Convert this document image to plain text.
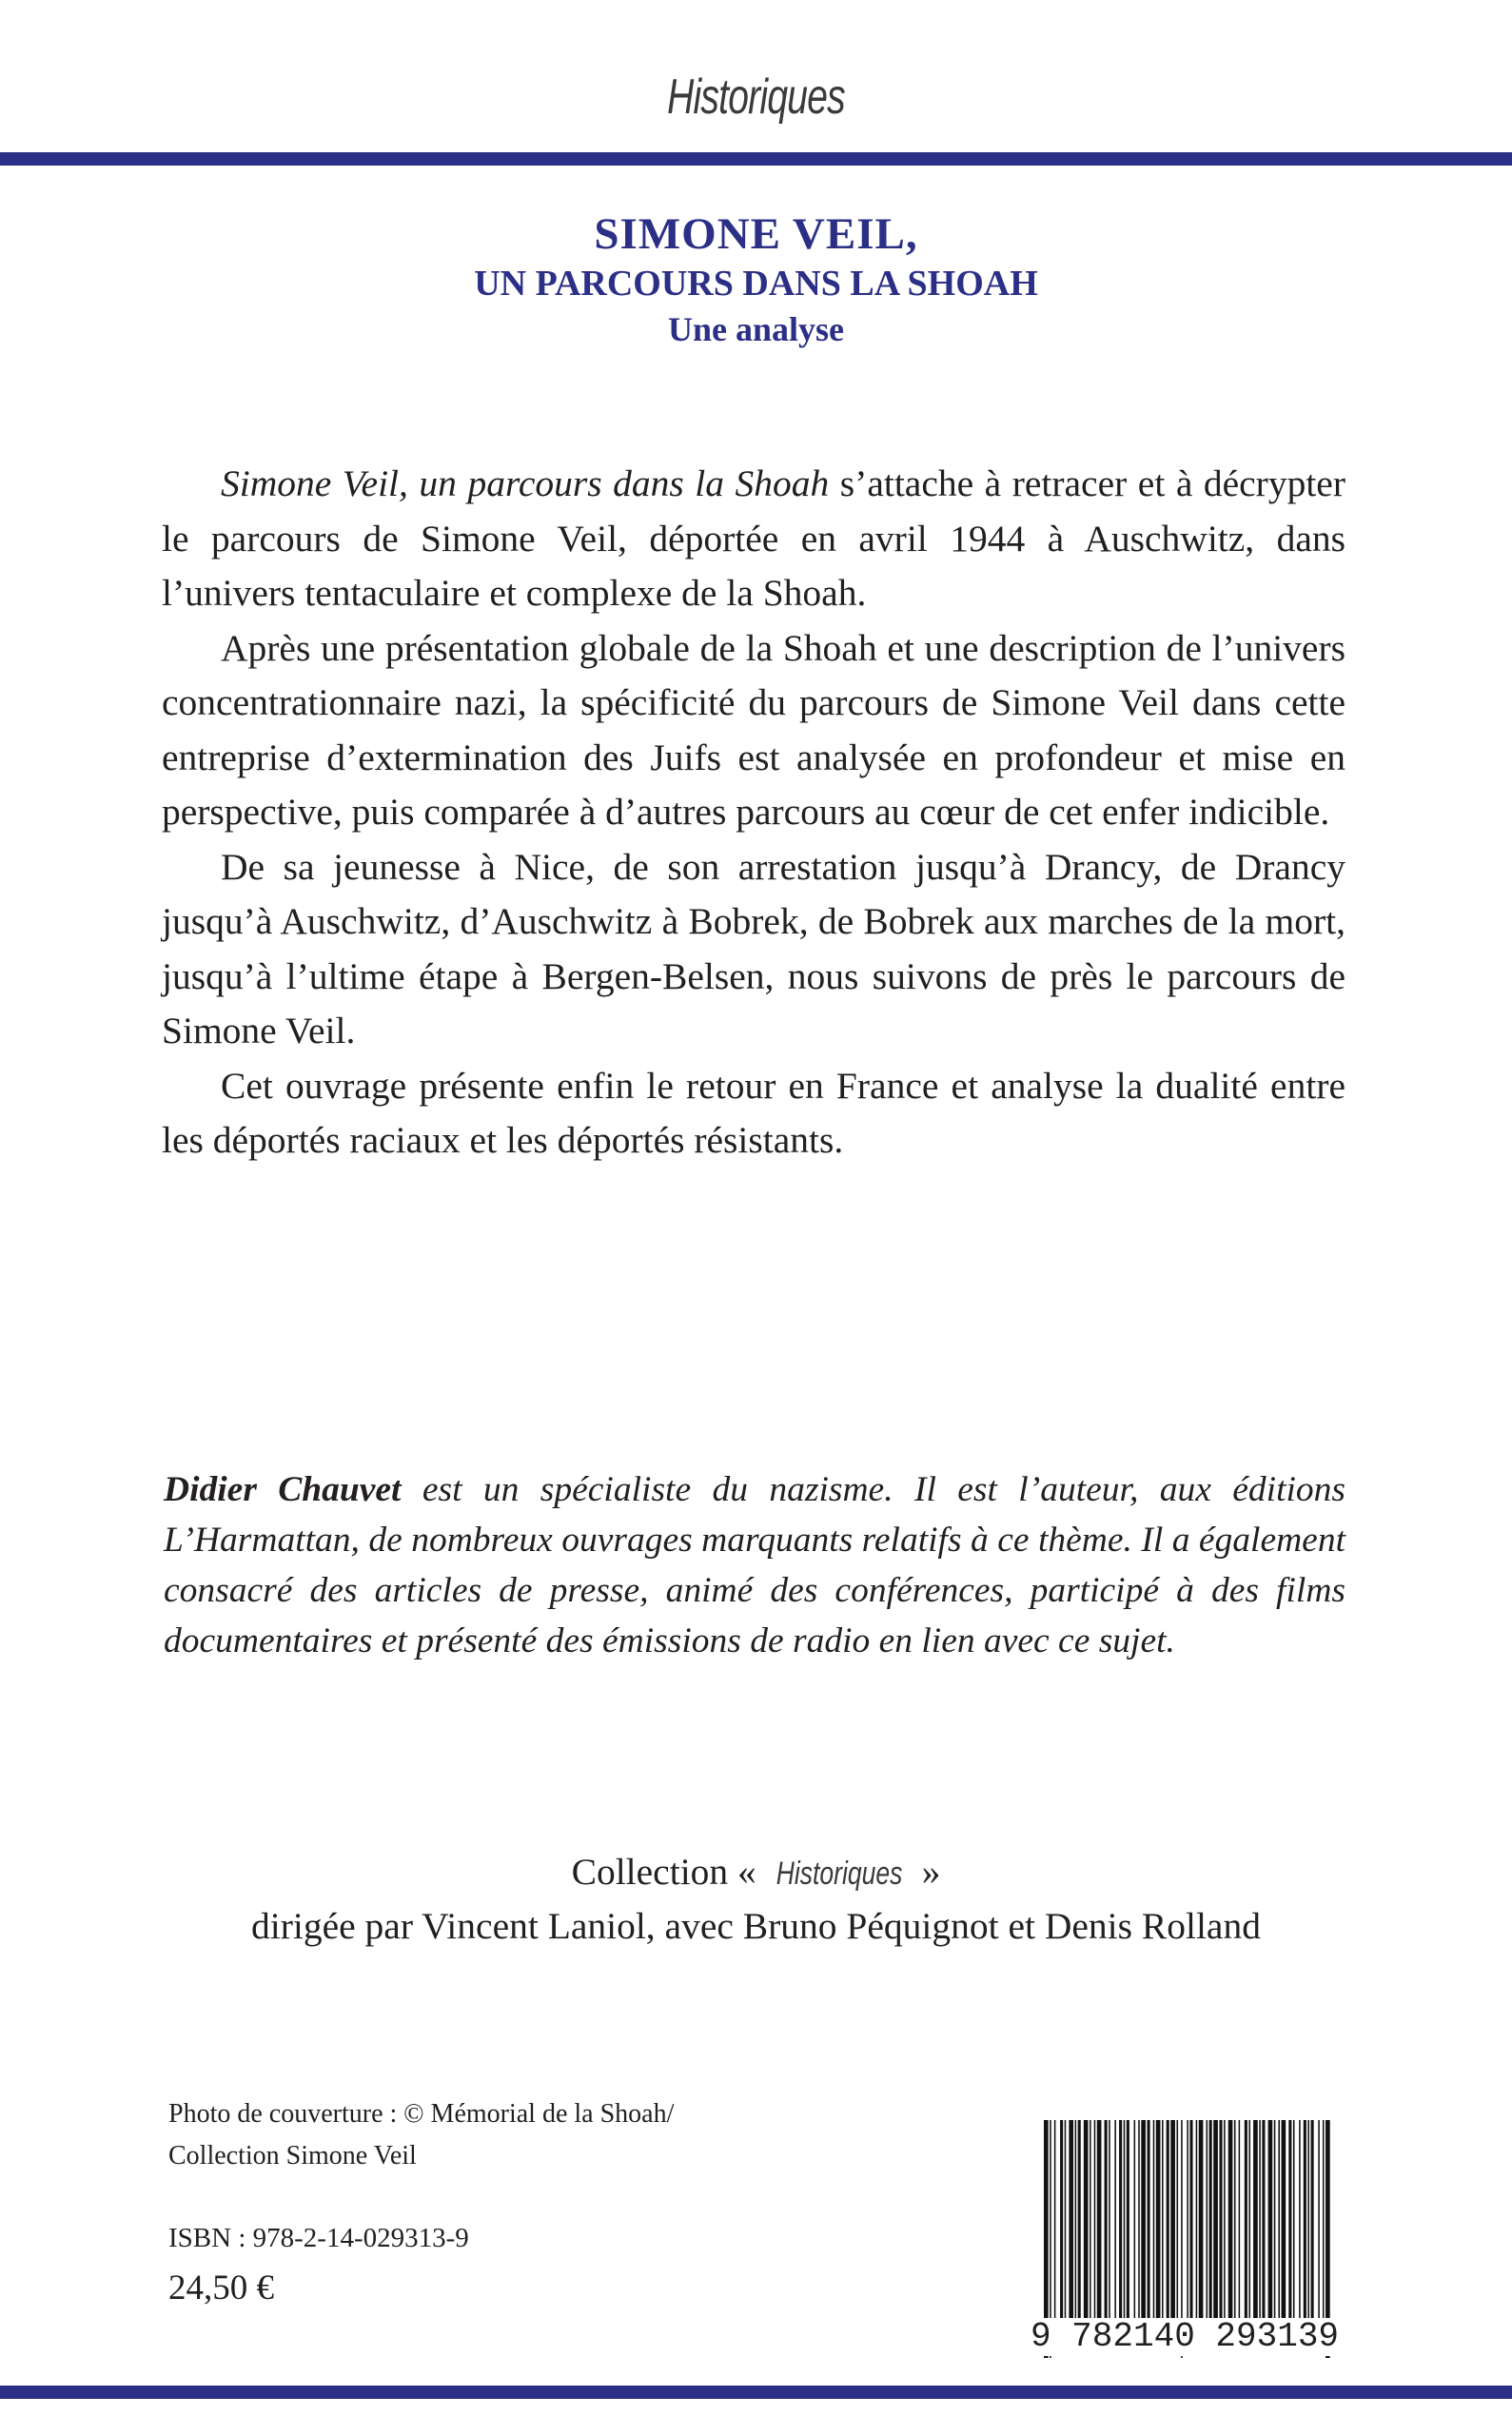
Historiques
SIMONE VEIL,
UN PARCOURS DANS LA SHOAH
Une analyse

Simone Veil, un parcours dans la Shoah s’attache à retracer et à décrypter le parcours de Simone Veil, déportée en avril 1944 à Auschwitz, dans l’univers tentaculaire et complexe de la Shoah.

Après une présentation globale de la Shoah et une description de l’univers concentrationnaire nazi, la spécificité du parcours de Simone Veil dans cette entreprise d’extermination des Juifs est analysée en profondeur et mise en perspective, puis comparée à d’autres parcours au cœur de cet enfer indicible.

De sa jeunesse à Nice, de son arrestation jusqu’à Drancy, de Drancy jusqu’à Auschwitz, d’Auschwitz à Bobrek, de Bobrek aux marches de la mort, jusqu’à l’ultime étape à Bergen-Belsen, nous suivons de près le parcours de Simone Veil.

Cet ouvrage présente enfin le retour en France et analyse la dualité entre les déportés raciaux et les déportés résistants.

Didier Chauvet est un spécialiste du nazisme. Il est l’auteur, aux éditions L’Harmattan, de nombreux ouvrages marquants relatifs à ce thème. Il a également consacré des articles de presse, animé des conférences, participé à des films documentaires et présenté des émissions de radio en lien avec ce sujet.
Collection « Historiques »
dirigée par Vincent Laniol, avec Bruno Péquignot et Denis Rolland
Photo de couverture : © Mémorial de la Shoah/
Collection Simone Veil
ISBN : 978-2-14-029313-9
24,50 €
9 782140 293139
